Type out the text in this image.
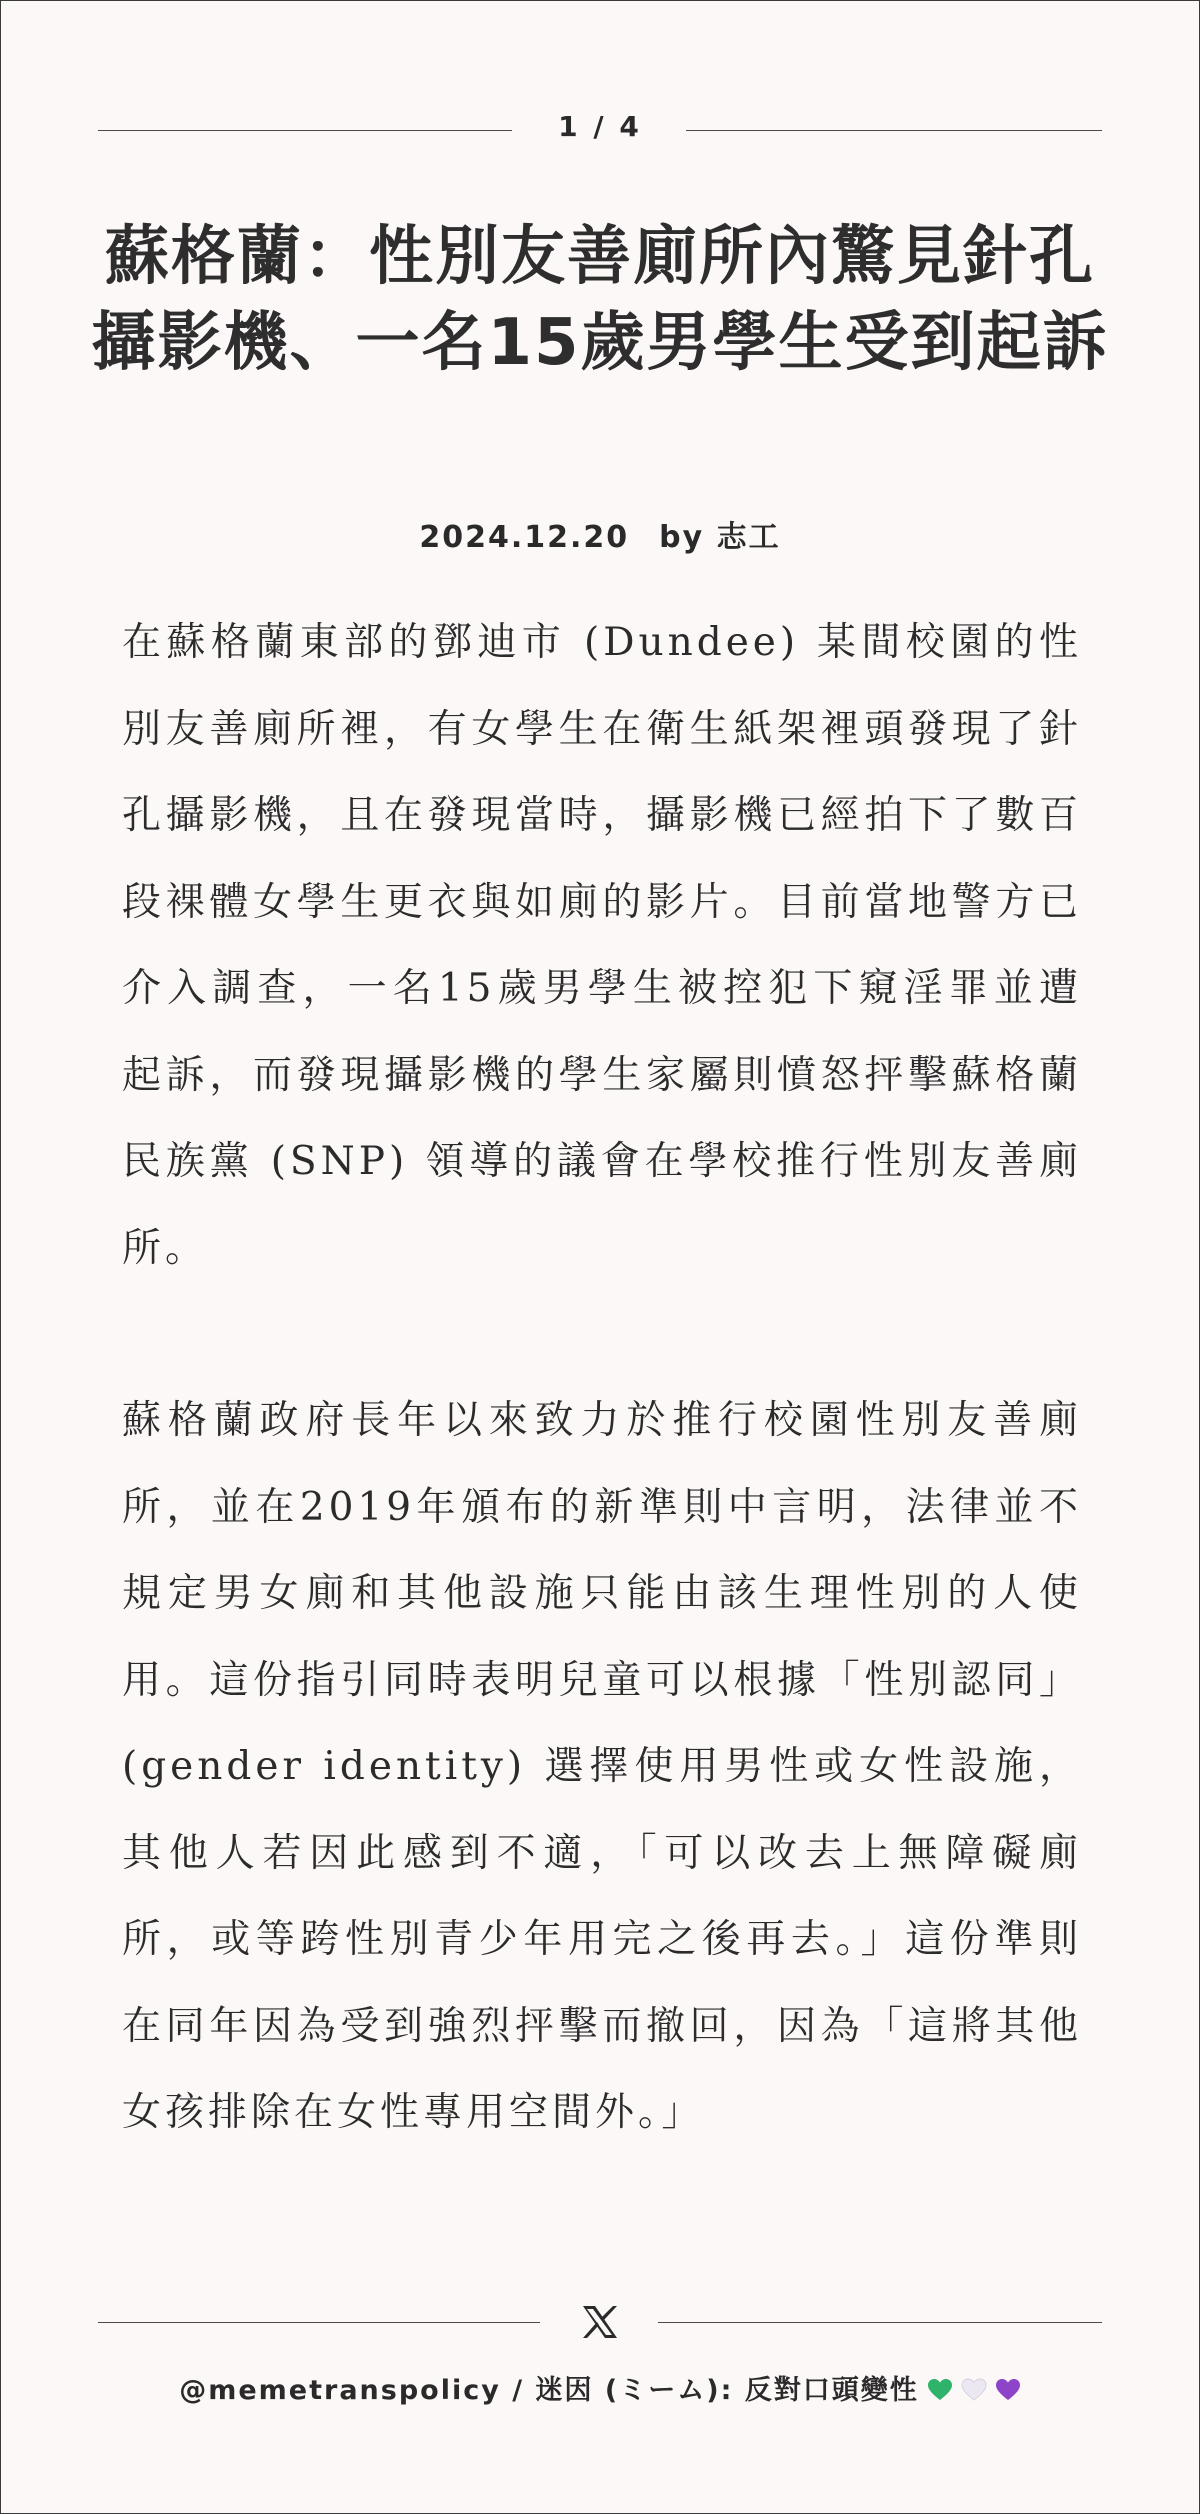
1 / 4
蘇格蘭：性別友善廁所內驚見針孔攝影機、一名15歲男學生受到起訴
2024.12.20 by 志工

在蘇格蘭東部的鄧迪市 (Dundee) 某間校園的性別友善廁所裡，有女學生在衛生紙架裡頭發現了針孔攝影機，且在發現當時，攝影機已經拍下了數百段裸體女學生更衣與如廁的影片。目前當地警方已介入調查，一名15歲男學生被控犯下窺淫罪並遭起訴，而發現攝影機的學生家屬則憤怒抨擊蘇格蘭民族黨 (SNP) 領導的議會在學校推行性別友善廁所。

蘇格蘭政府長年以來致力於推行校園性別友善廁所，並在2019年頒布的新準則中言明，法律並不規定男女廁和其他設施只能由該生理性別的人使用。這份指引同時表明兒童可以根據「性別認同」 (gender identity) 選擇使用男性或女性設施，其他人若因此感到不適，「可以改去上無障礙廁所，或等跨性別青少年用完之後再去。」這份準則在同年因為受到強烈抨擊而撤回，因為「這將其他女孩排除在女性專用空間外。」

@memetranspolicy / 迷因 (ミーム): 反對口頭變性
